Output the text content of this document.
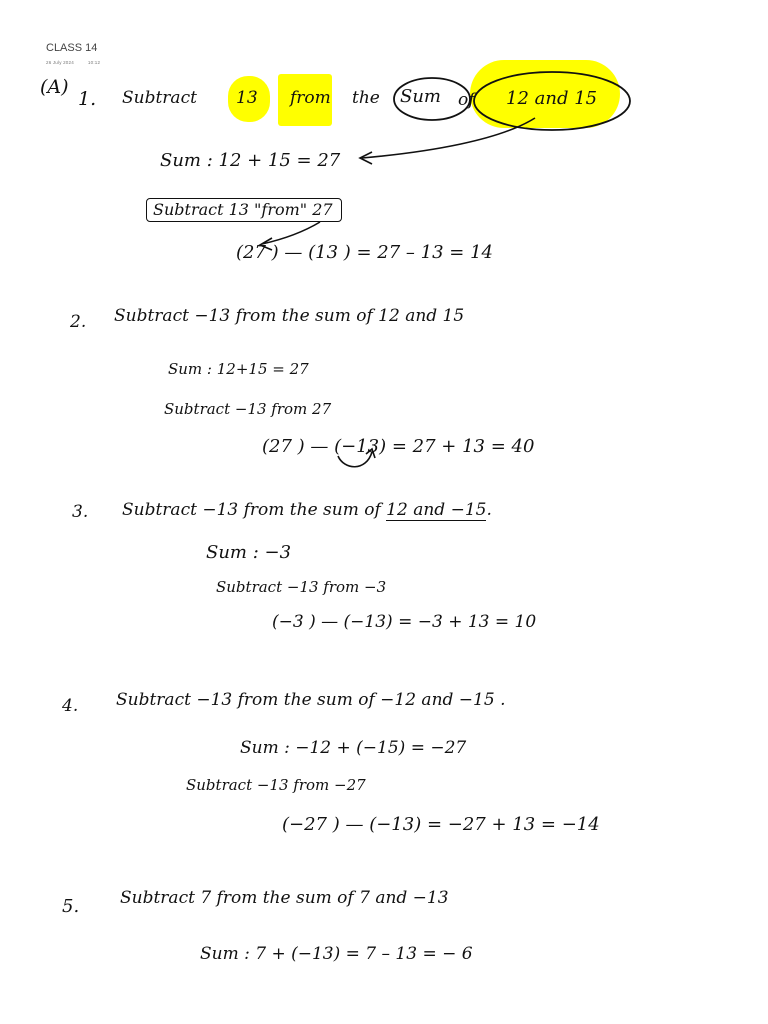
CLASS 14
26 July 2024	10:12
(A)
1. Subtract 13 from the Sum of 12 and 15
Sum : 12 + 15 = 27
Subtract 13 "from" 27
(27 ) — (13 ) = 27 – 13 = 14
2. Subtract −13 from the sum of 12 and 15
Sum : 12+15 = 27
Subtract −13 from 27
(27 ) — (−13) = 27 + 13 = 40
3. Subtract −13 from the sum of 12 and −15.
Sum : −3
Subtract −13 from −3
(−3 ) — (−13) = −3 + 13 = 10
4. Subtract −13 from the sum of −12 and −15 .
Sum : −12 + (−15) = −27
Subtract −13 from −27
(−27 ) — (−13) = −27 + 13 = −14
5. Subtract 7 from the sum of 7 and −13
Sum : 7 + (−13) = 7 – 13 = − 6
